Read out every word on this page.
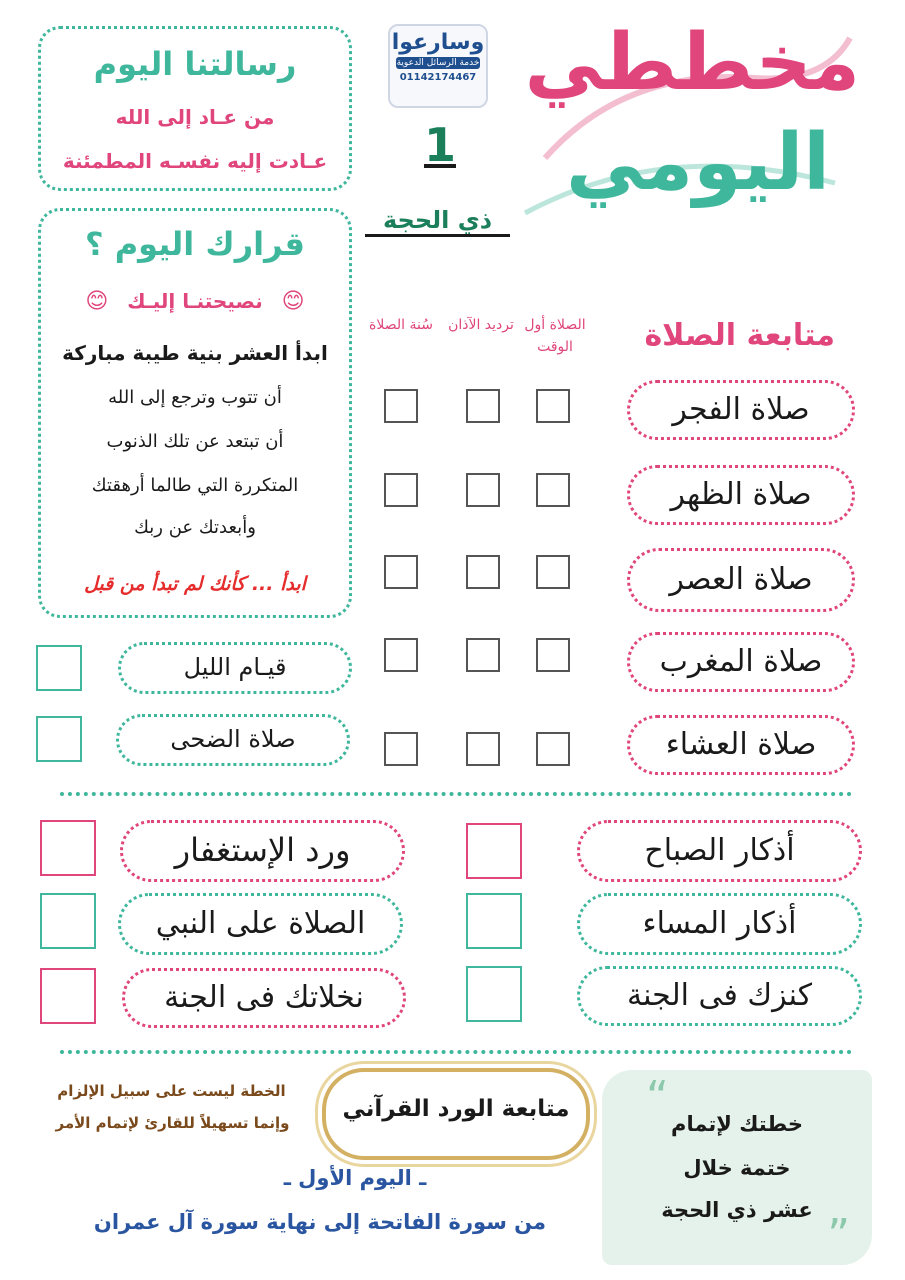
مخططي
اليومي
وسارعوا
خدمة الرسائل الدعوية
01142174467
1
ذي الحجة
رسالتنا اليوم
من عـاد إلى الله
عـادت إليه نفسـه المطمئنة
قرارك اليوم ؟
😊 نصيحتنـا إليـك 😊
ابدأ العشر بنية طيبة مباركة
أن تتوب وترجع إلى الله
أن تبتعد عن تلك الذنوب
المتكررة التي طالما أرهقتك
وأبعدتك عن ربك
ابدأ ... كأنك لم تبدأ من قبل
متابعة الصلاة
الصلاة أول الوقت
ترديد الآذان
سُنة الصلاة
صلاة الفجر
صلاة الظهر
صلاة العصر
صلاة المغرب
صلاة العشاء
قيـام الليل
صلاة الضحى
أذكار الصباح
أذكار المساء
كنزك فى الجنة
ورد الإستغفار
الصلاة على النبي
نخلاتك فى الجنة
متابعة الورد القرآني
الخطة ليست على سبيل الإلزام
وإنما تسهيلاً للقارئ لإتمام الأمر
ـ اليوم الأول ـ
من سورة الفاتحة إلى نهاية سورة آل عمران
“
”
خطتك لإتمام
ختمة خلال
عشر ذي الحجة
